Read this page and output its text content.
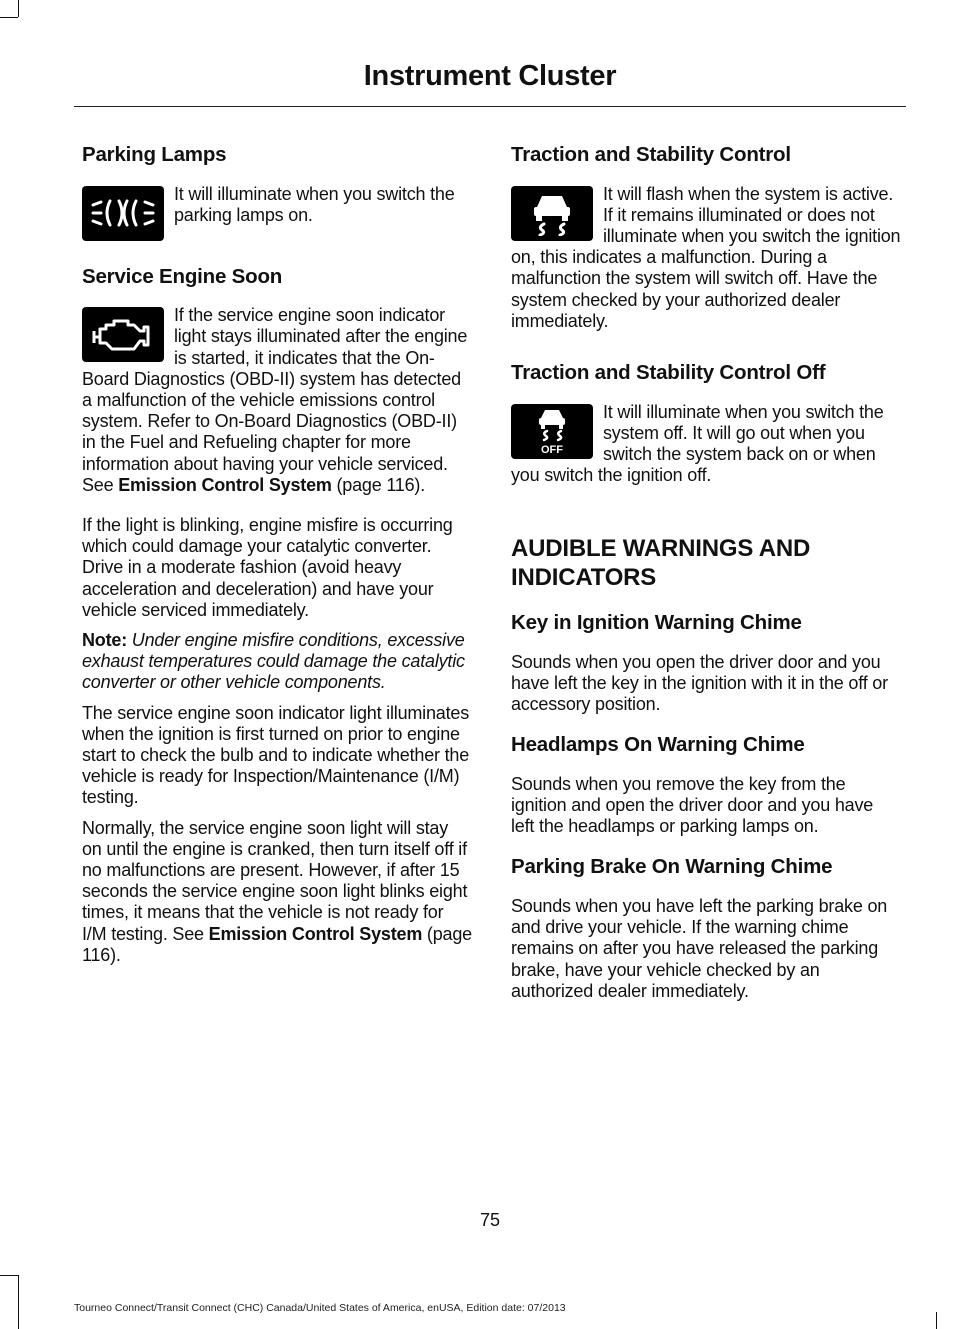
Instrument Cluster
Parking Lamps

It will illuminate when you switch the parking lamps on.

Service Engine Soon

If the service engine soon indicator light stays illuminated after the engine is started, it indicates that the On-Board Diagnostics (OBD-II) system has detected a malfunction of the vehicle emissions control system. Refer to On-Board Diagnostics (OBD-II) in the Fuel and Refueling chapter for more information about having your vehicle serviced. See Emission Control System (page 116).

If the light is blinking, engine misfire is occurring which could damage your catalytic converter. Drive in a moderate fashion (avoid heavy acceleration and deceleration) and have your vehicle serviced immediately.

Note: Under engine misfire conditions, excessive exhaust temperatures could damage the catalytic converter or other vehicle components.

The service engine soon indicator light illuminates when the ignition is first turned on prior to engine start to check the bulb and to indicate whether the vehicle is ready for Inspection/Maintenance (I/M) testing.

Normally, the service engine soon light will stay on until the engine is cranked, then turn itself off if no malfunctions are present. However, if after 15 seconds the service engine soon light blinks eight times, it means that the vehicle is not ready for I/M testing. See Emission Control System (page 116).

Traction and Stability Control

It will flash when the system is active. If it remains illuminated or does not illuminate when you switch the ignition on, this indicates a malfunction. During a malfunction the system will switch off. Have the system checked by your authorized dealer immediately.

Traction and Stability Control Off
OFF

It will illuminate when you switch the system off. It will go out when you switch the system back on or when you switch the ignition off.

AUDIBLE WARNINGS AND INDICATORS
Key in Ignition Warning Chime

Sounds when you open the driver door and you have left the key in the ignition with it in the off or accessory position.

Headlamps On Warning Chime

Sounds when you remove the key from the ignition and open the driver door and you have left the headlamps or parking lamps on.

Parking Brake On Warning Chime

Sounds when you have left the parking brake on and drive your vehicle. If the warning chime remains on after you have released the parking brake, have your vehicle checked by an authorized dealer immediately.

75
Tourneo Connect/Transit Connect (CHC) Canada/United States of America, enUSA, Edition date: 07/2013
